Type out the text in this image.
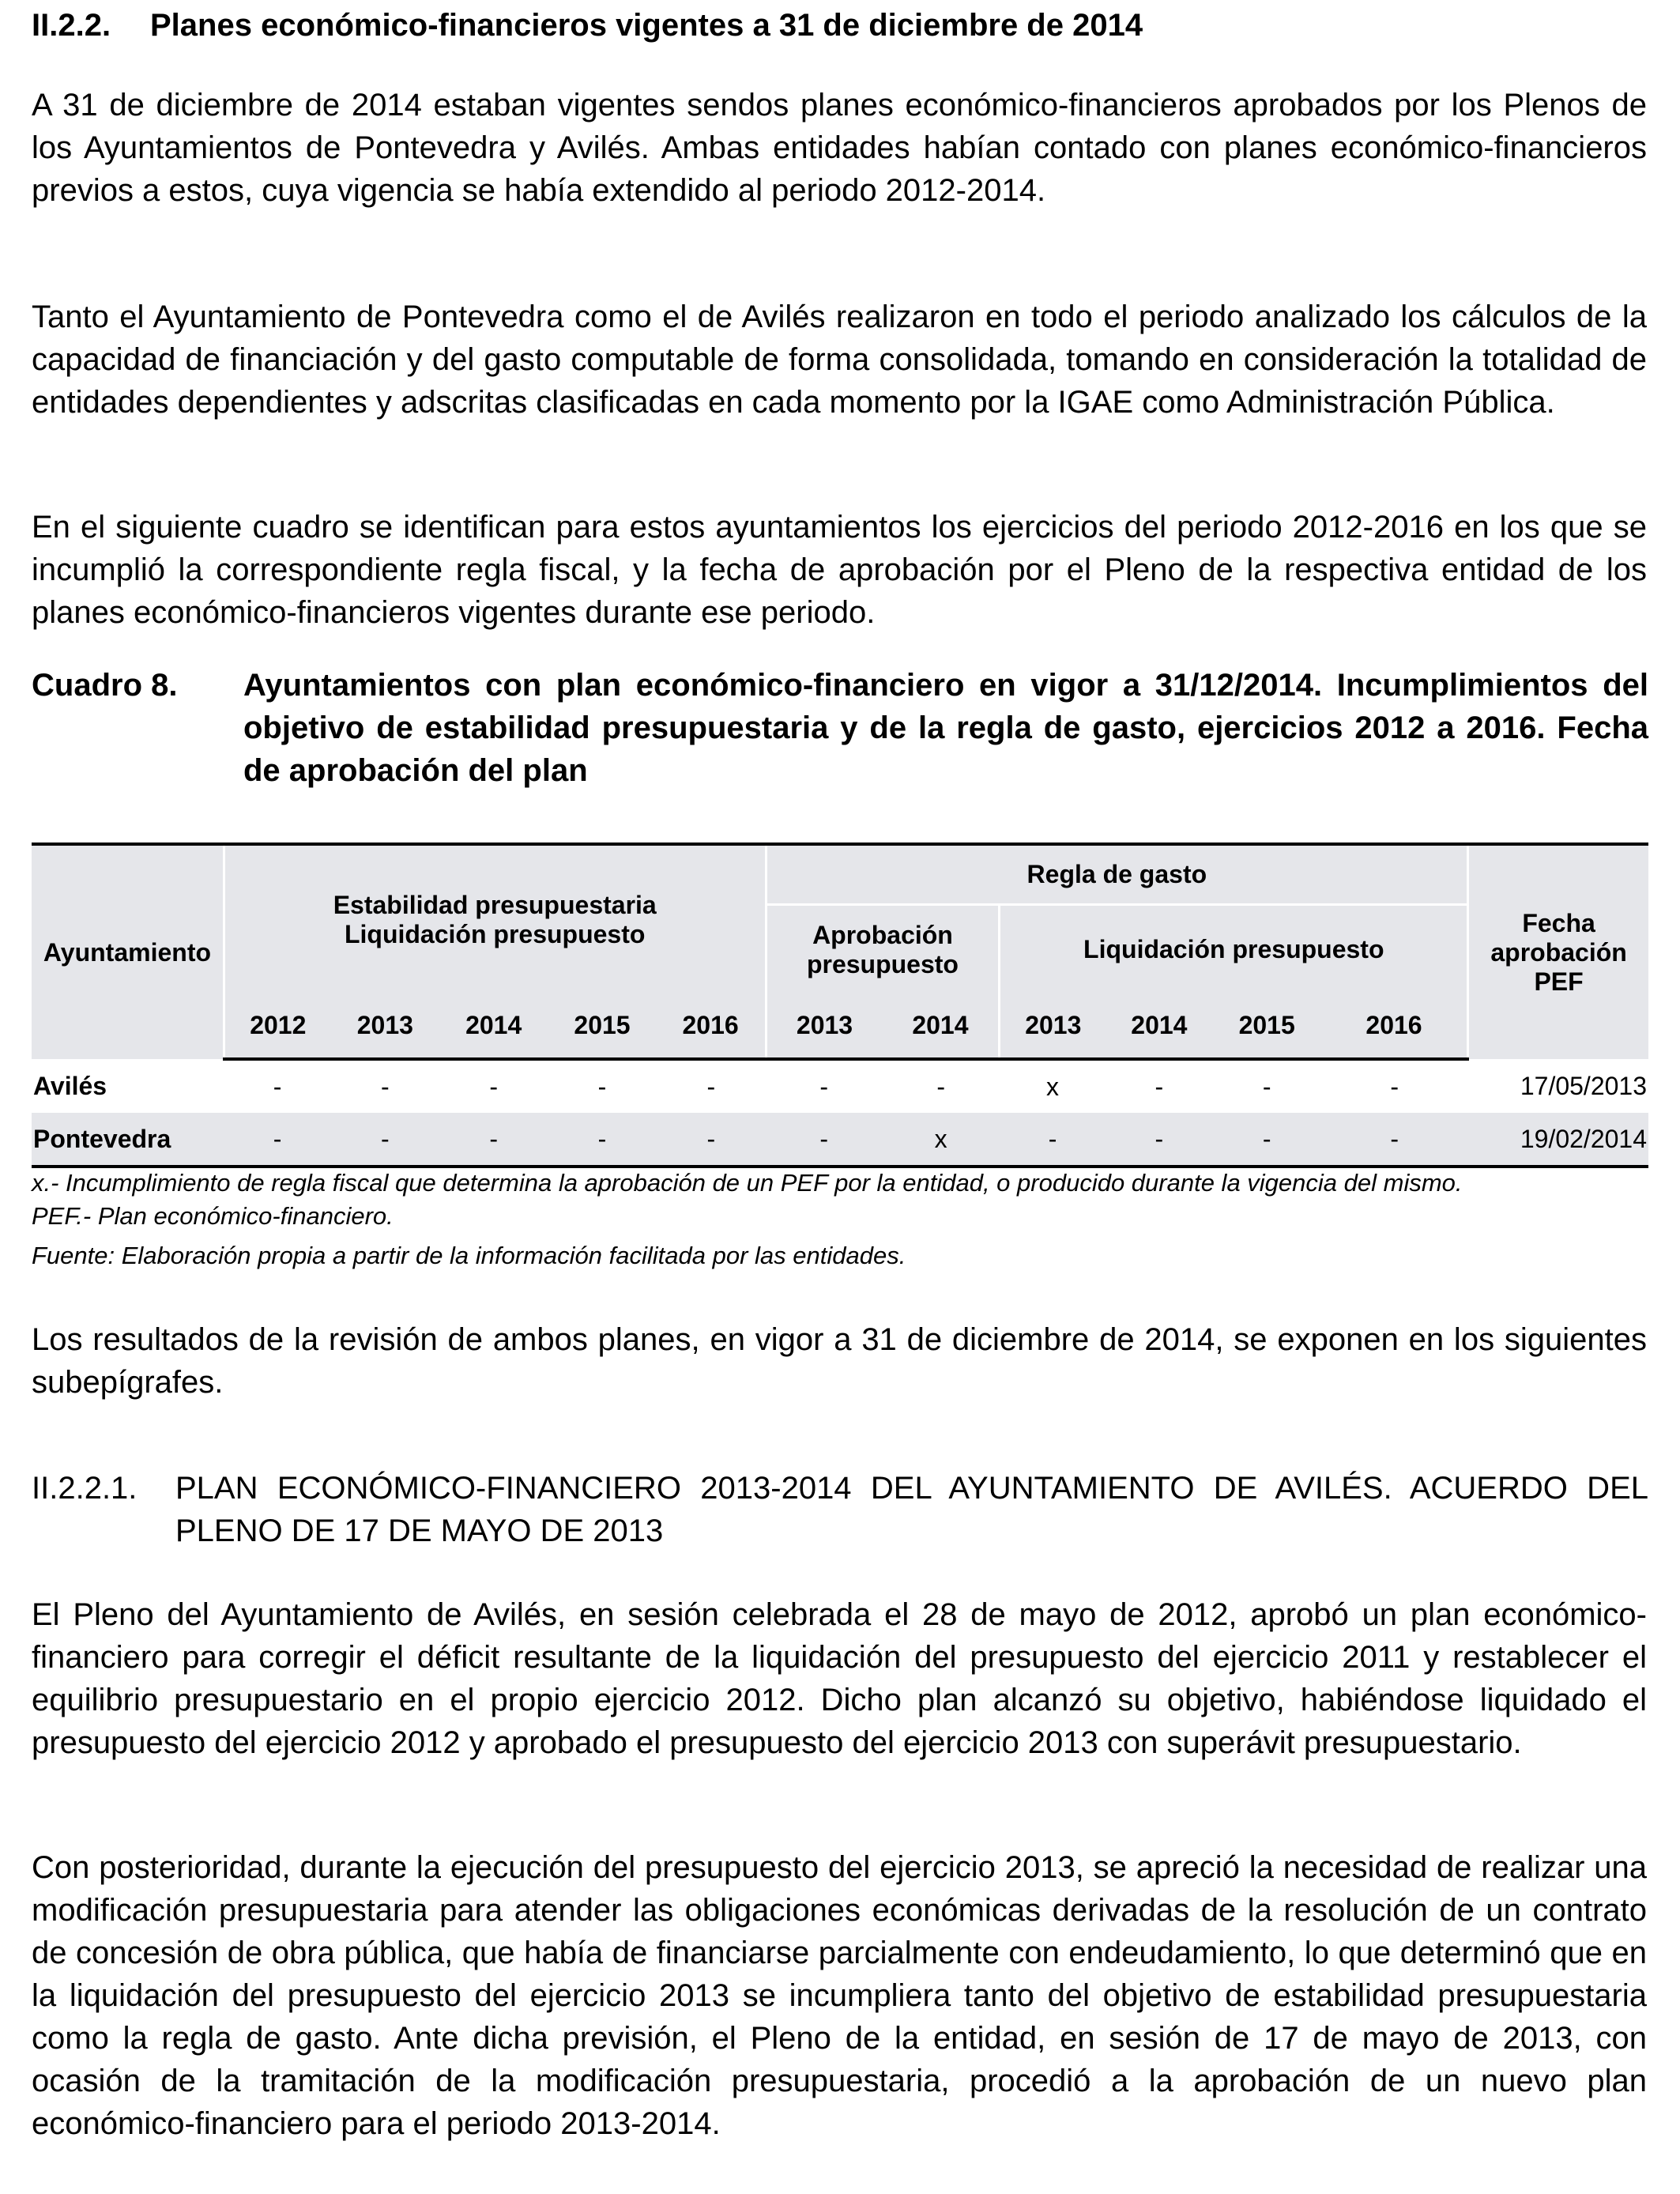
II.2.2. Planes económico-financieros vigentes a 31 de diciembre de 2014

A 31 de diciembre de 2014 estaban vigentes sendos planes económico-financieros aprobados por los Plenos de los Ayuntamientos de Pontevedra y Avilés. Ambas entidades habían contado con planes económico-financieros previos a estos, cuya vigencia se había extendido al periodo 2012-2014.

Tanto el Ayuntamiento de Pontevedra como el de Avilés realizaron en todo el periodo analizado los cálculos de la capacidad de financiación y del gasto computable de forma consolidada, tomando en consideración la totalidad de entidades dependientes y adscritas clasificadas en cada momento por la IGAE como Administración Pública.

En el siguiente cuadro se identifican para estos ayuntamientos los ejercicios del periodo 2012-2016 en los que se incumplió la correspondiente regla fiscal, y la fecha de aprobación por el Pleno de la respectiva entidad de los planes económico-financieros vigentes durante ese periodo.

Cuadro 8. Ayuntamientos con plan económico-financiero en vigor a 31/12/2014. Incumplimientos del objetivo de estabilidad presupuestaria y de la regla de gasto, ejercicios 2012 a 2016. Fecha de aprobación del plan
Ayuntamiento	Estabilidad presupuestaria
Liquidación presupuesto					Regla de gasto						Fecha
aprobación
PEF
						Aprobación
presupuesto		Liquidación presupuesto				
	2012	2013	2014	2015	2016	2013	2014	2013	2014	2015	2016	
Avilés	-	-	-	-	-	-	-	x	-	-	-	17/05/2013
Pontevedra	-	-	-	-	-	-	x	-	-	-	-	19/02/2014

x.- Incumplimiento de regla fiscal que determina la aprobación de un PEF por la entidad, o producido durante la vigencia del mismo.

PEF.- Plan económico-financiero.

Fuente: Elaboración propia a partir de la información facilitada por las entidades.

Los resultados de la revisión de ambos planes, en vigor a 31 de diciembre de 2014, se exponen en los siguientes subepígrafes.

II.2.2.1. PLAN ECONÓMICO-FINANCIERO 2013-2014 DEL AYUNTAMIENTO DE AVILÉS. ACUERDO DEL PLENO DE 17 DE MAYO DE 2013

El Pleno del Ayuntamiento de Avilés, en sesión celebrada el 28 de mayo de 2012, aprobó un plan económico-financiero para corregir el déficit resultante de la liquidación del presupuesto del ejercicio 2011 y restablecer el equilibrio presupuestario en el propio ejercicio 2012. Dicho plan alcanzó su objetivo, habiéndose liquidado el presupuesto del ejercicio 2012 y aprobado el presupuesto del ejercicio 2013 con superávit presupuestario.

Con posterioridad, durante la ejecución del presupuesto del ejercicio 2013, se apreció la necesidad de realizar una modificación presupuestaria para atender las obligaciones económicas derivadas de la resolución de un contrato de concesión de obra pública, que había de financiarse parcialmente con endeudamiento, lo que determinó que en la liquidación del presupuesto del ejercicio 2013 se incumpliera tanto del objetivo de estabilidad presupuestaria como la regla de gasto. Ante dicha previsión, el Pleno de la entidad, en sesión de 17 de mayo de 2013, con ocasión de la tramitación de la modificación presupuestaria, procedió a la aprobación de un nuevo plan económico-financiero para el periodo 2013-2014.
